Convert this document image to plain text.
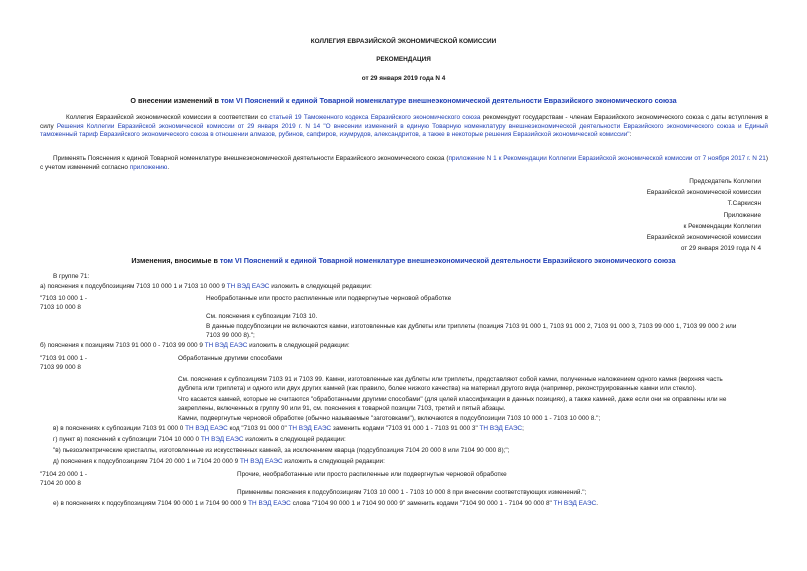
КОЛЛЕГИЯ ЕВРАЗИЙСКОЙ ЭКОНОМИЧЕСКОЙ КОМИССИИ
РЕКОМЕНДАЦИЯ
от 29 января 2019 года N 4
О внесении изменений в том VI Пояснений к единой Товарной номенклатуре внешнеэкономической деятельности Евразийского экономического союза
Коллегия Евразийской экономической комиссии в соответствии со статьей 19 Таможенного кодекса Евразийского экономического союза рекомендует государствам - членам Евразийского экономического союза с даты вступления в силу Решения Коллегии Евразийской экономической комиссии от 29 января 2019 г. N 14 "О внесении изменений в единую Товарную номенклатуру внешнеэкономической деятельности Евразийского экономического союза и Единый таможенный тариф Евразийского экономического союза в отношении алмазов, рубинов, сапфиров, изумрудов, александритов, а также в некоторые решения Евразийской экономической комиссии":
Применять Пояснения к единой Товарной номенклатуре внешнеэкономической деятельности Евразийского экономического союза (приложение N 1 к Рекомендации Коллегии Евразийской экономической комиссии от 7 ноября 2017 г. N 21) с учетом изменений согласно приложению.
Председатель Коллегии
Евразийской экономической комиссии
Т.Саркисян
Приложение
к Рекомендации Коллегии
Евразийской экономической комиссии
от 29 января 2019 года N 4
Изменения, вносимые в том VI Пояснений к единой Товарной номенклатуре внешнеэкономической деятельности Евразийского экономического союза
В группе 71:
а) пояснения к подсубпозициям 7103 10 000 1 и 7103 10 000 9 ТН ВЭД ЕАЭС изложить в следующей редакции:
"7103 10 000 1 -
7103 10 000 8
Необработанные или просто распиленные или подвергнутые черновой обработке
См. пояснения к субпозиции 7103 10.
В данные подсубпозиции не включаются камни, изготовленные как дублеты или триплеты (позиция 7103 91 000 1, 7103 91 000 2, 7103 91 000 3, 7103 99 000 1, 7103 99 000 2 или
7103 99 000 8).";
б) пояснения к позициям 7103 91 000 0 - 7103 99 000 9 ТН ВЭД ЕАЭС изложить в следующей редакции:
"7103 91 000 1 -
7103 99 000 8
Обработанные другими способами
См. пояснения к субпозициям 7103 91 и 7103 99. Камни, изготовленные как дублеты или триплеты, представляют собой камни, полученные наложением одного камня (верхняя часть
дублета или триплета) и одного или двух других камней (как правило, более низкого качества) на материал другого вида (например, реконструированные камни или стекло).
Что касается камней, которые не считаются "обработанными другими способами" (для целей классификации в данных позициях), а также камней, даже если они не оправлены или не
закреплены, включенных в группу 90 или 91, см. пояснения к товарной позиции 7103, третий и пятый абзацы.
Камни, подвергнутые черновой обработке (обычно называемые "заготовками"), включаются в подсубпозиции 7103 10 000 1 - 7103 10 000 8.";
в) в пояснениях к субпозиции 7103 91 000 0 ТН ВЭД ЕАЭС код "7103 91 000 0" ТН ВЭД ЕАЭС заменить кодами "7103 91 000 1 - 7103 91 000 3" ТН ВЭД ЕАЭС;
г) пункт в) пояснений к субпозиции 7104 10 000 0 ТН ВЭД ЕАЭС изложить в следующей редакции:
"в) пьезоэлектрические кристаллы, изготовленные из искусственных камней, за исключением кварца (подсубпозиция 7104 20 000 8 или 7104 90 000 8);";
д) пояснения к подсубпозициям 7104 20 000 1 и 7104 20 000 9 ТН ВЭД ЕАЭС изложить в следующей редакции:
"7104 20 000 1 -
7104 20 000 8
Прочие, необработанные или просто распиленные или подвергнутые черновой обработке
Применимы пояснения к подсубпозициям 7103 10 000 1 - 7103 10 000 8 при внесении соответствующих изменений.";
е) в пояснениях к подсубпозициям 7104 90 000 1 и 7104 90 000 9 ТН ВЭД ЕАЭС слова "7104 90 000 1 и 7104 90 000 9" заменить кодами "7104 90 000 1 - 7104 90 000 8" ТН ВЭД ЕАЭС.
